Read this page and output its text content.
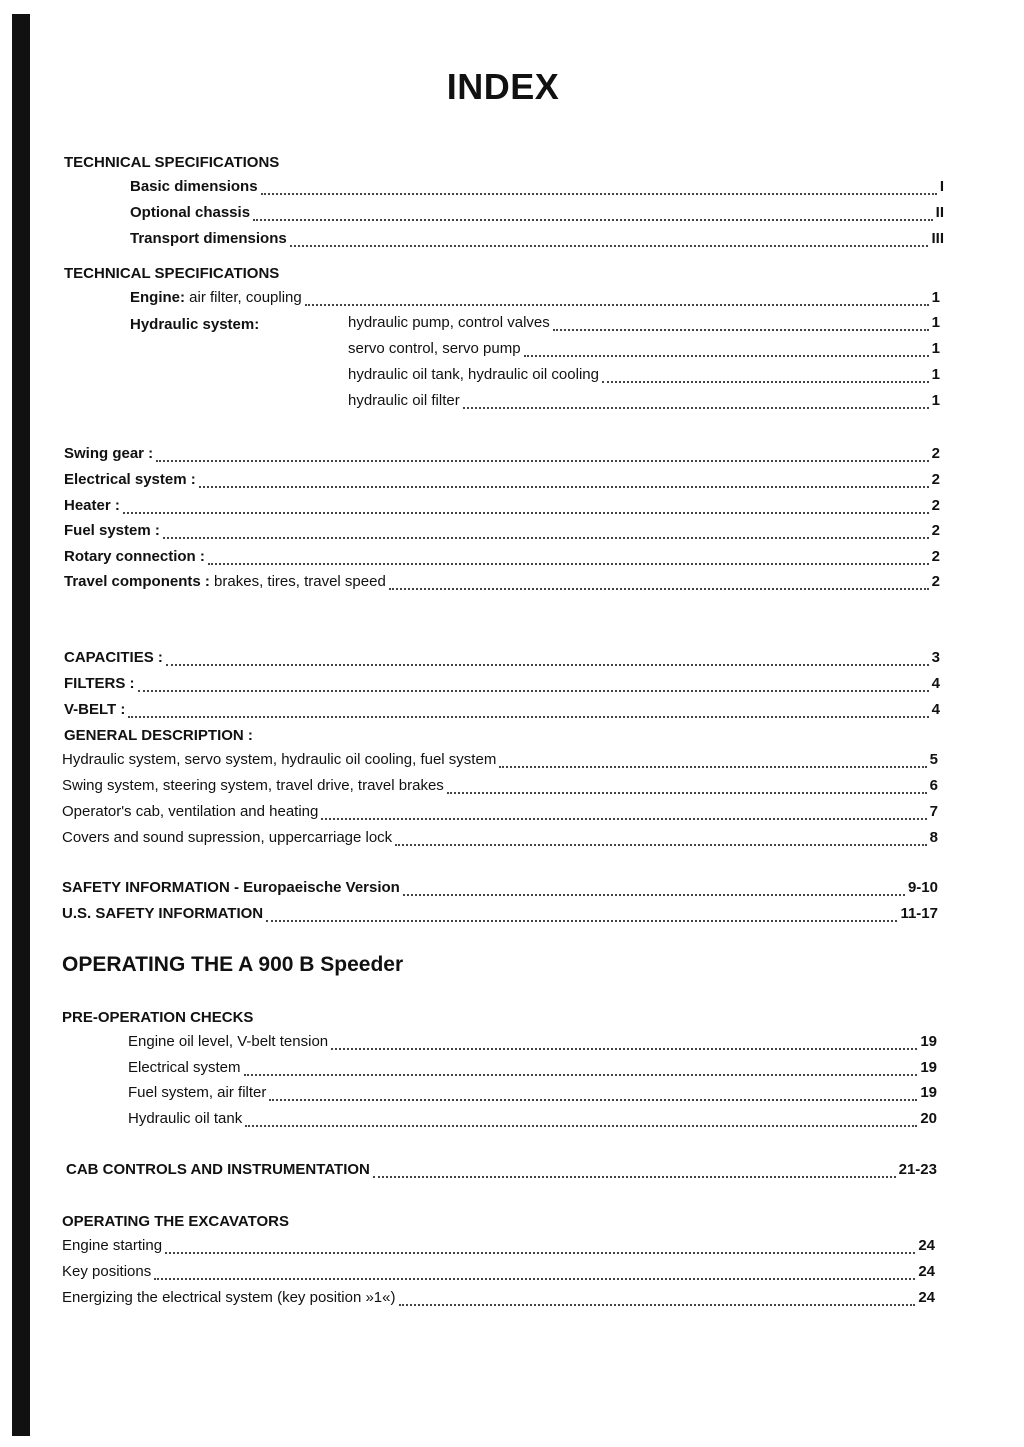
INDEX
TECHNICAL SPECIFICATIONS
Basic dimensions	I
Optional chassis	II
Transport dimensions	III
TECHNICAL SPECIFICATIONS
Engine: air filter, coupling	1
Hydraulic system:	hydraulic pump, control valves	1
servo control, servo pump	1
hydraulic oil tank, hydraulic oil cooling	1
hydraulic oil filter	1
Swing gear :	2
Electrical system :	2
Heater :	2
Fuel system :	2
Rotary connection :	2
Travel components : brakes, tires, travel speed	2
CAPACITIES :	3
FILTERS :	4
V-BELT :	4
GENERAL DESCRIPTION :
Hydraulic system, servo system, hydraulic oil cooling, fuel system	5
Swing system, steering system, travel drive, travel brakes	6
Operator's cab, ventilation and heating	7
Covers and sound supression, uppercarriage lock	8
SAFETY INFORMATION - Europaeische Version	9-10
U.S. SAFETY INFORMATION	11-17
OPERATING THE A 900 B Speeder
PRE-OPERATION CHECKS
Engine oil level, V-belt tension	19
Electrical system	19
Fuel system, air filter	19
Hydraulic oil tank	20
CAB CONTROLS AND INSTRUMENTATION	21-23
OPERATING THE EXCAVATORS
Engine starting	24
Key positions	24
Energizing the electrical system (key position »1«)	24
